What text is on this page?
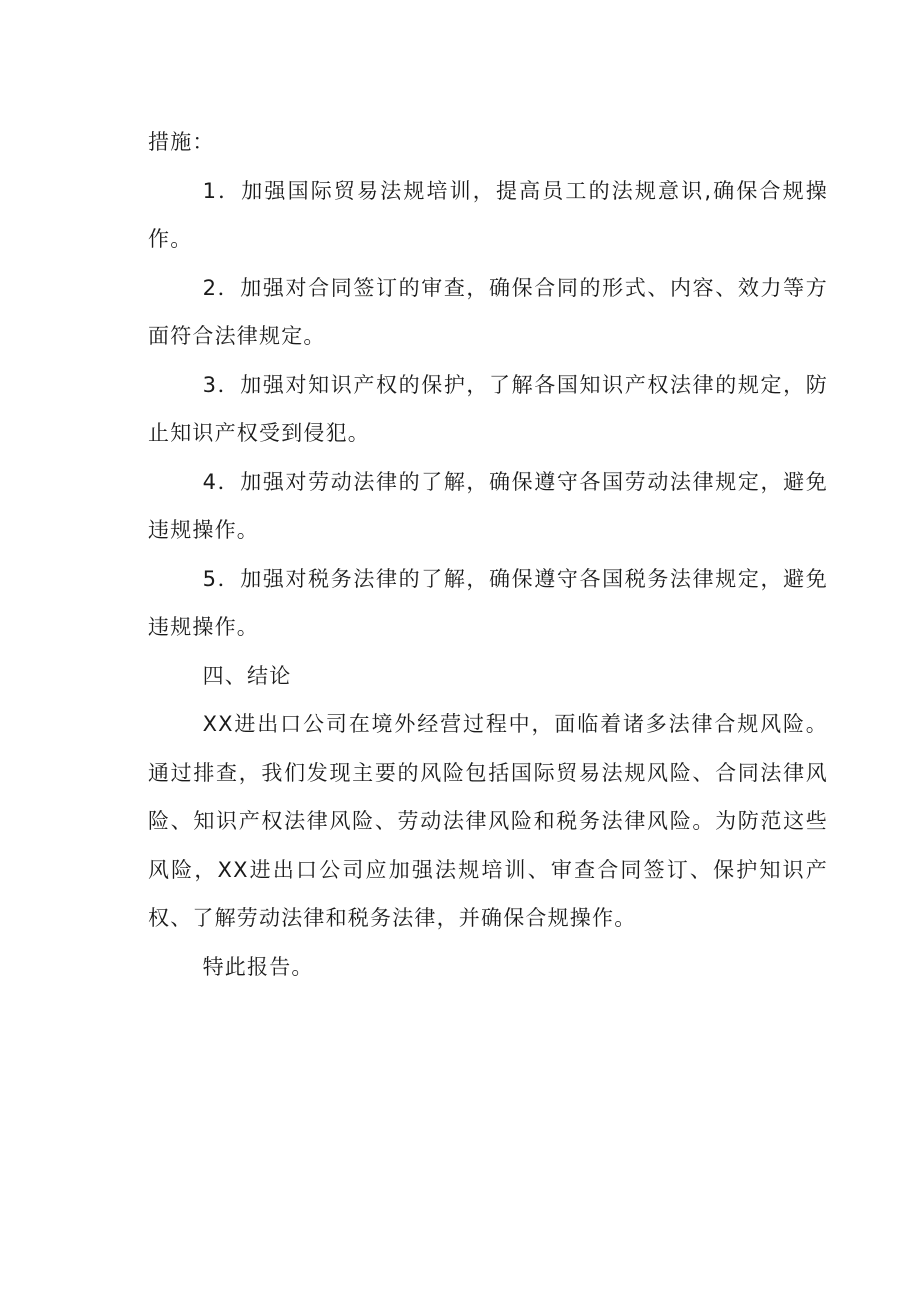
措施：

1．加强国际贸易法规培训，提高员工的法规意识,确保合规操作。

2．加强对合同签订的审查，确保合同的形式、内容、效力等方面符合法律规定。

3．加强对知识产权的保护，了解各国知识产权法律的规定，防止知识产权受到侵犯。

4．加强对劳动法律的了解，确保遵守各国劳动法律规定，避免违规操作。

5．加强对税务法律的了解，确保遵守各国税务法律规定，避免违规操作。

四、结论

XX进出口公司在境外经营过程中，面临着诸多法律合规风险。通过排查，我们发现主要的风险包括国际贸易法规风险、合同法律风险、知识产权法律风险、劳动法律风险和税务法律风险。为防范这些风险，XX进出口公司应加强法规培训、审查合同签订、保护知识产权、了解劳动法律和税务法律，并确保合规操作。

特此报告。
